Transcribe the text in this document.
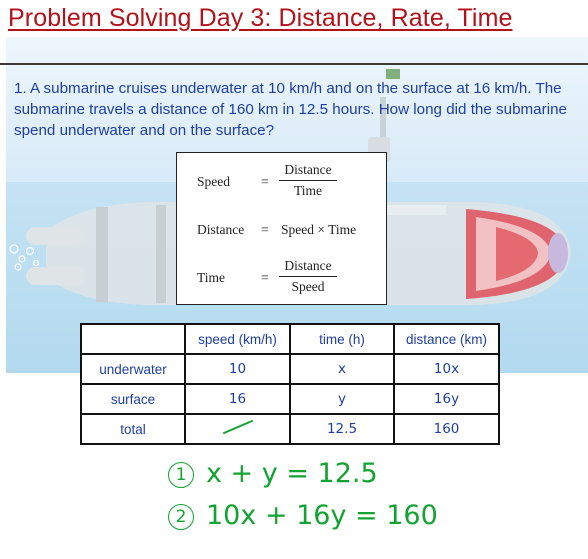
Problem Solving Day 3: Distance, Rate, Time
1. A submarine cruises underwater at 10 km/h and on the surface at 16 km/h. The submarine travels a distance of 160 km in 12.5 hours. How long did the submarine spend underwater and on the surface?
Speed =
Distance
Time
Distance = Speed × Time
Time	=
Distance
Speed
	speed (km/h)	time (h)	distance (km)
underwater	10	x	10x
surface	16	y	16y
total		12.5	160
1 x + y = 12.5
2 10x + 16y = 160
